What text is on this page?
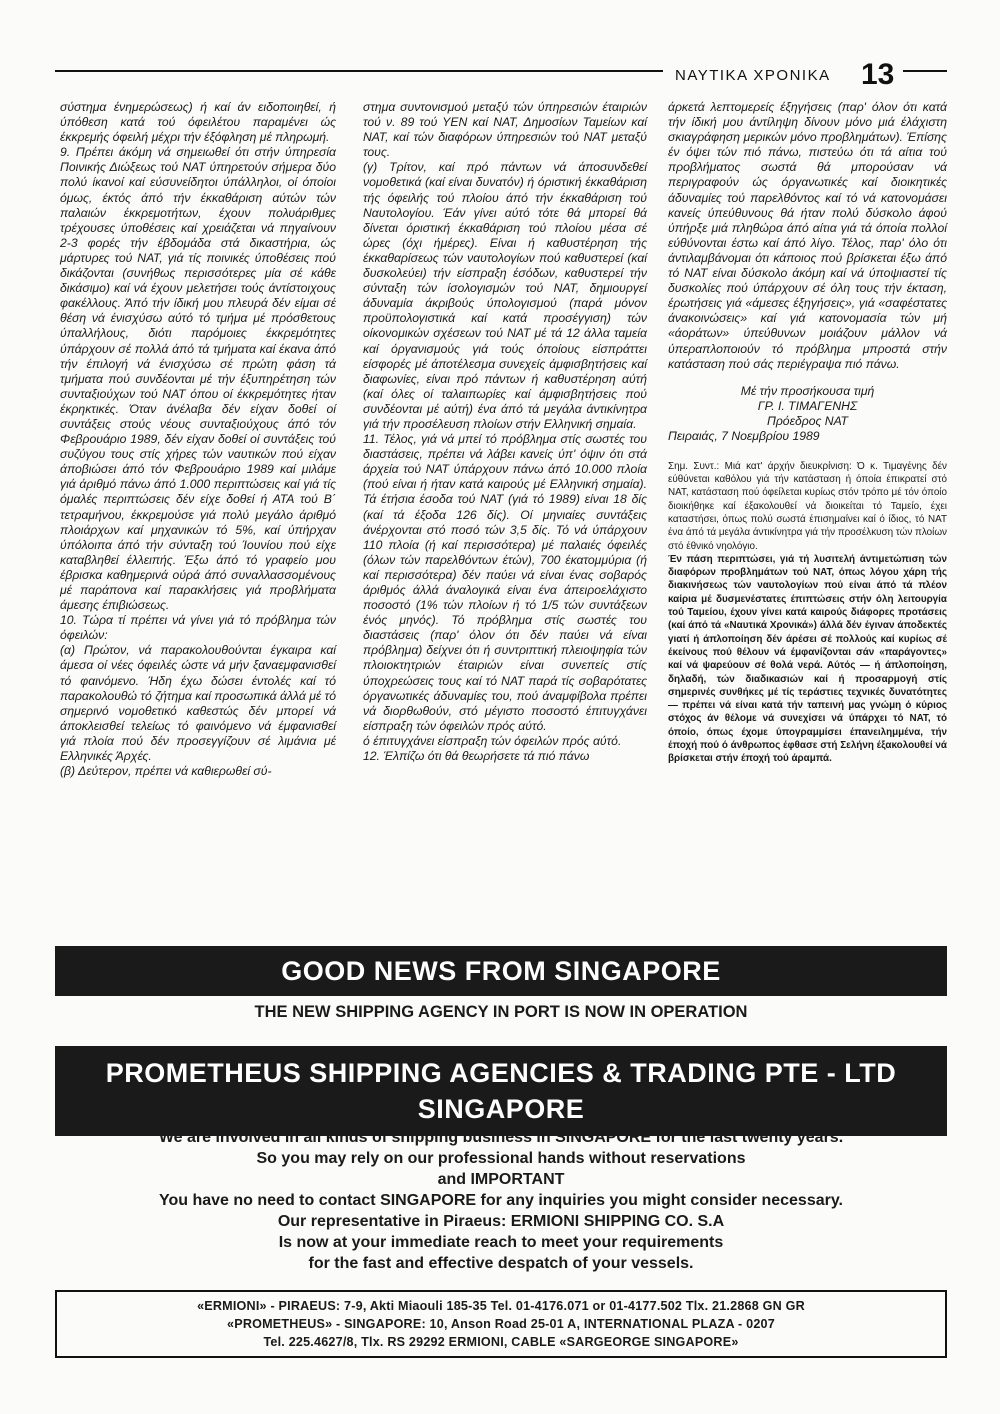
ΝΑΥΤΙΚΑ ΧΡΟΝΙΚΑ 13

σύστημα ένημερώσεως) ή καί άν ειδοποιηθεί, ή ύπόθεση κατά τού όφειλέτου παραμένει ώς έκκρεμής όφειλή μέχρι τήν έξόφληση μέ πληρωμή.

9. Πρέπει άκόμη νά σημειωθεί ότι στήν ύπηρεσία Ποινικής Διώξεως τού ΝΑΤ ύπηρετούν σήμερα δύο πολύ ίκανοί καί εύσυνείδητοι ύπάλληλοι, οί όποίοι όμως, έκτός άπό τήν έκκαθάριση αύτών τών παλαιών έκκρεμοτήτων, έχουν πολυάριθμες τρέχουσες ύποθέσεις καί χρειάζεται νά πηγαίνουν 2-3 φορές τήν έβδομάδα στά δικαστήρια, ώς μάρτυρες τού ΝΑΤ, γιά τίς ποινικές ύποθέσεις πού δικάζονται (συνήθως περισσότερες μία σέ κάθε δικάσιμο) καί νά έχουν μελετήσει τούς άντίστοιχους φακέλλους. Άπό τήν ίδική μου πλευρά δέν είμαι σέ θέση νά ένισχύσω αύτό τό τμήμα μέ πρόσθετους ύπαλλήλους, διότι παρόμοιες έκκρεμότητες ύπάρχουν σέ πολλά άπό τά τμήματα καί έκανα άπό τήν έπιλογή νά ένισχύσω σέ πρώτη φάση τά τμήματα πού συνδέονται μέ τήν έξυπηρέτηση τών συνταξιούχων τού ΝΑΤ όπου οί έκκρεμότητες ήταν έκρηκτικές. Όταν άνέλαβα δέν είχαν δοθεί οί συντάξεις στούς νέους συνταξιούχους άπό τόν Φεβρουάριο 1989, δέν είχαν δοθεί οί συντάξεις τού συζύγου τους στίς χήρες τών ναυτικών πού είχαν άποβιώσει άπό τόν Φεβρουάριο 1989 καί μιλάμε γιά άριθμό πάνω άπό 1.000 περιπτώσεις καί γιά τίς όμαλές περιπτώσεις δέν είχε δοθεί ή ΑΤΑ τού Β΄ τετραμήνου, έκκρεμούσε γιά πολύ μεγάλο άριθμό πλοιάρχων καί μηχανικών τό 5%, καί ύπήρχαν ύπόλοιπα άπό τήν σύνταξη τού Ίουνίου πού είχε καταβληθεί έλλειπής. Έξω άπό τό γραφείο μου έβρισκα καθημερινά ούρά άπό συναλλασσομένους μέ παράπονα καί παρακλήσεις γιά προβλήματα άμεσης έπιβιώσεως.

10. Τώρα τί πρέπει νά γίνει γιά τό πρόβλημα τών όφειλών:

(α) Πρώτον, νά παρακολουθούνται έγκαιρα καί άμεσα οί νέες όφειλές ώστε νά μήν ξαναεμφανισθεί τό φαινόμενο. Ήδη έχω δώσει έντολές καί τό παρακολουθώ τό ζήτημα καί προσωπικά άλλά μέ τό σημερινό νομοθετικό καθεστώς δέν μπορεί νά άποκλεισθεί τελείως τό φαινόμενο νά έμφανισθεί γιά πλοία πού δέν προσεγγίζουν σέ λιμάνια μέ Ελληνικές Άρχές.

(β) Δεύτερον, πρέπει νά καθιερωθεί σύ-

στημα συντονισμού μεταξύ τών ύπηρεσιών έταιριών τού ν. 89 τού ΥΕΝ καί ΝΑΤ, Δημοσίων Ταμείων καί ΝΑΤ, καί τών διαφόρων ύπηρεσιών τού ΝΑΤ μεταξύ τους.

(γ) Τρίτον, καί πρό πάντων νά άποσυνδεθεί νομοθετικά (καί είναι δυνατόν) ή όριστική έκκαθάριση τής όφειλής τού πλοίου άπό τήν έκκαθάριση τού Ναυτολογίου. Έάν γίνει αύτό τότε θά μπορεί θά δίνεται όριστική έκκαθάριση τού πλοίου μέσα σέ ώρες (όχι ήμέρες). Είναι ή καθυστέρηση τής έκκαθαρίσεως τών ναυτολογίων πού καθυστερεί (καί δυσκολεύει) τήν είσπραξη έσόδων, καθυστερεί τήν σύνταξη τών ίσολογισμών τού ΝΑΤ, δημιουργεί άδυναμία άκριβούς ύπολογισμού (παρά μόνον προϋπολογιστικά καί κατά προσέγγιση) τών οίκονομικών σχέσεων τού ΝΑΤ μέ τά 12 άλλα ταμεία καί όργανισμούς γιά τούς όποίους είσπράττει είσφορές μέ άποτέλεσμα συνεχείς άμφισβητήσεις καί διαφωνίες, είναι πρό πάντων ή καθυστέρηση αύτή (καί όλες οί ταλαιπωρίες καί άμφισβητήσεις πού συνδέονται μέ αύτή) ένα άπό τά μεγάλα άντικίνητρα γιά τήν προσέλευση πλοίων στήν Ελληνική σημαία.

11. Τέλος, γιά νά μπεί τό πρόβλημα στίς σωστές του διαστάσεις, πρέπει νά λάβει κανείς ύπ' όψιν ότι στά άρχεία τού ΝΑΤ ύπάρχουν πάνω άπό 10.000 πλοία (πού είναι ή ήταν κατά καιρούς μέ Ελληνική σημαία). Τά έτήσια έσοδα τού ΝΑΤ (γιά τό 1989) είναι 18 δίς (καί τά έξοδα 126 δίς). Οί μηνιαίες συντάξεις άνέρχονται στό ποσό τών 3,5 δίς. Τό νά ύπάρχουν 110 πλοία (ή καί περισσότερα) μέ παλαιές όφειλές (όλων τών παρελθόντων έτών), 700 έκατομμύρια (ή καί περισσότερα) δέν παύει νά είναι ένας σοβαρός άριθμός άλλά άναλογικά είναι ένα άπειροελάχιστο ποσοστό (1% τών πλοίων ή τό 1/5 τών συντάξεων ένός μηνός). Τό πρόβλημα στίς σωστές του διαστάσεις (παρ' όλον ότι δέν παύει νά είναι πρόβλημα) δείχνει ότι ή συντριπτική πλειοψηφία τών πλοιοκτητριών έταιριών είναι συνεπείς στίς ύποχρεώσεις τους καί τό ΝΑΤ παρά τίς σοβαρότατες όργανωτικές άδυναμίες του, πού άναμφίβολα πρέπει νά διορθωθούν, στό μέγιστο ποσοστό έπιτυγχάνει είσπραξη τών όφειλών πρός αύτό.

ό έπιτυγχάνει είσπραξη τών όφειλών πρός αύτό.

12. Έλπίζω ότι θά θεωρήσετε τά πιό πάνω

άρκετά λεπτομερείς έξηγήσεις (παρ' όλον ότι κατά τήν ίδική μου άντίληψη δίνουν μόνο μιά έλάχιστη σκιαγράφηση μερικών μόνο προβλημάτων). Έπίσης έν όψει τών πιό πάνω, πιστεύω ότι τά αίτια τού προβλήματος σωστά θά μπορούσαν νά περιγραφούν ώς όργανωτικές καί διοικητικές άδυναμίες τού παρελθόντος καί τό νά κατονομάσει κανείς ύπεύθυνους θά ήταν πολύ δύσκολο άφού ύπήρξε μιά πληθώρα άπό αίτια γιά τά όποία πολλοί εύθύνονται έστω καί άπό λίγο. Τέλος, παρ' όλο ότι άντιλαμβάνομαι ότι κάποιος πού βρίσκεται έξω άπό τό ΝΑΤ είναι δύσκολο άκόμη καί νά ύποψιαστεί τίς δυσκολίες πού ύπάρχουν σέ όλη τους τήν έκταση, έρωτήσεις γιά «άμεσες έξηγήσεις», γιά «σαφέστατες άνακοινώσεις» καί γιά κατονομασία τών μή «άοράτων» ύπεύθυνων μοιάζουν μάλλον νά ύπεραπλοποιούν τό πρόβλημα μπροστά στήν κατάσταση πού σάς περιέγραψα πιό πάνω.

Μέ τήν προσήκουσα τιμή
ΓΡ. Ι. ΤΙΜΑΓΕΝΗΣ
Πρόεδρος ΝΑΤ

Πειραιάς, 7 Νοεμβρίου 1989

Σημ. Συντ.: Μιά κατ' άρχήν διευκρίνιση: Ό κ. Τιμαγένης δέν εύθύνεται καθόλου γιά τήν κατάσταση ή όποία έπικρατεί στό ΝΑΤ, κατάσταση πού όφείλεται κυρίως στόν τρόπο μέ τόν όποίο διοικήθηκε καί έξακολουθεί νά διοικείται τό Ταμείο, έχει καταστήσει, όπως πολύ σωστά έπισημαίνει καί ό ίδιος, τό ΝΑΤ ένα άπό τά μεγάλα άντικίνητρα γιά τήν προσέλκυση τών πλοίων στό έθνικό νηολόγιο.

Έν πάση περιπτώσει, γιά τή λυσιτελή άντιμετώπιση τών διαφόρων προβλημάτων τού ΝΑΤ, όπως λόγου χάρη τής διακινήσεως τών ναυτολογίων πού είναι άπό τά πλέον καίρια μέ δυσμενέστατες έπιπτώσεις στήν όλη λειτουργία τού Ταμείου, έχουν γίνει κατά καιρούς διάφορες προτάσεις (καί άπό τά «Ναυτικά Χρονικά») άλλά δέν έγιναν άποδεκτές γιατί ή άπλοποίηση δέν άρέσει σέ πολλούς καί κυρίως σέ έκείνους πού θέλουν νά έμφανίζονται σάν «παράγοντες» καί νά ψαρεύουν σέ θολά νερά. Αύτός — ή άπλοποίηση, δηλαδή, τών διαδικασιών καί ή προσαρμογή στίς σημερινές συνθήκες μέ τίς τεράστιες τεχνικές δυνατότητες — πρέπει νά είναι κατά τήν ταπεινή μας γνώμη ό κύριος στόχος άν θέλομε νά συνεχίσει νά ύπάρχει τό ΝΑΤ, τό όποίο, όπως έχομε ύπογραμμίσει έπανειλημμένα, τήν έποχή πού ό άνθρωπος έφθασε στή Σελήνη έξακολουθεί νά βρίσκεται στήν έποχή τού άραμπά.

GOOD NEWS FROM SINGAPORE
THE NEW SHIPPING AGENCY IN PORT IS NOW IN OPERATION
PROMETHEUS SHIPPING AGENCIES & TRADING PTE - LTD
SINGAPORE
We are involved in all kinds of shipping business in SINGAPORE for the last twenty years.
So you may rely on our professional hands without reservations
and IMPORTANT
You have no need to contact SINGAPORE for any inquiries you might consider necessary.
Our representative in Piraeus: ERMIONI SHIPPING CO. S.A
Is now at your immediate reach to meet your requirements
for the fast and effective despatch of your vessels.
«ERMIONI» - PIRAEUS: 7-9, Akti Miaouli 185-35 Tel. 01-4176.071 or 01-4177.502 Tlx. 21.2868 GN GR
«PROMETHEUS» - SINGAPORE: 10, Anson Road 25-01 A, INTERNATIONAL PLAZA - 0207
Tel. 225.4627/8, Tlx. RS 29292 ERMIONI, CABLE «SARGEORGE SINGAPORE»
